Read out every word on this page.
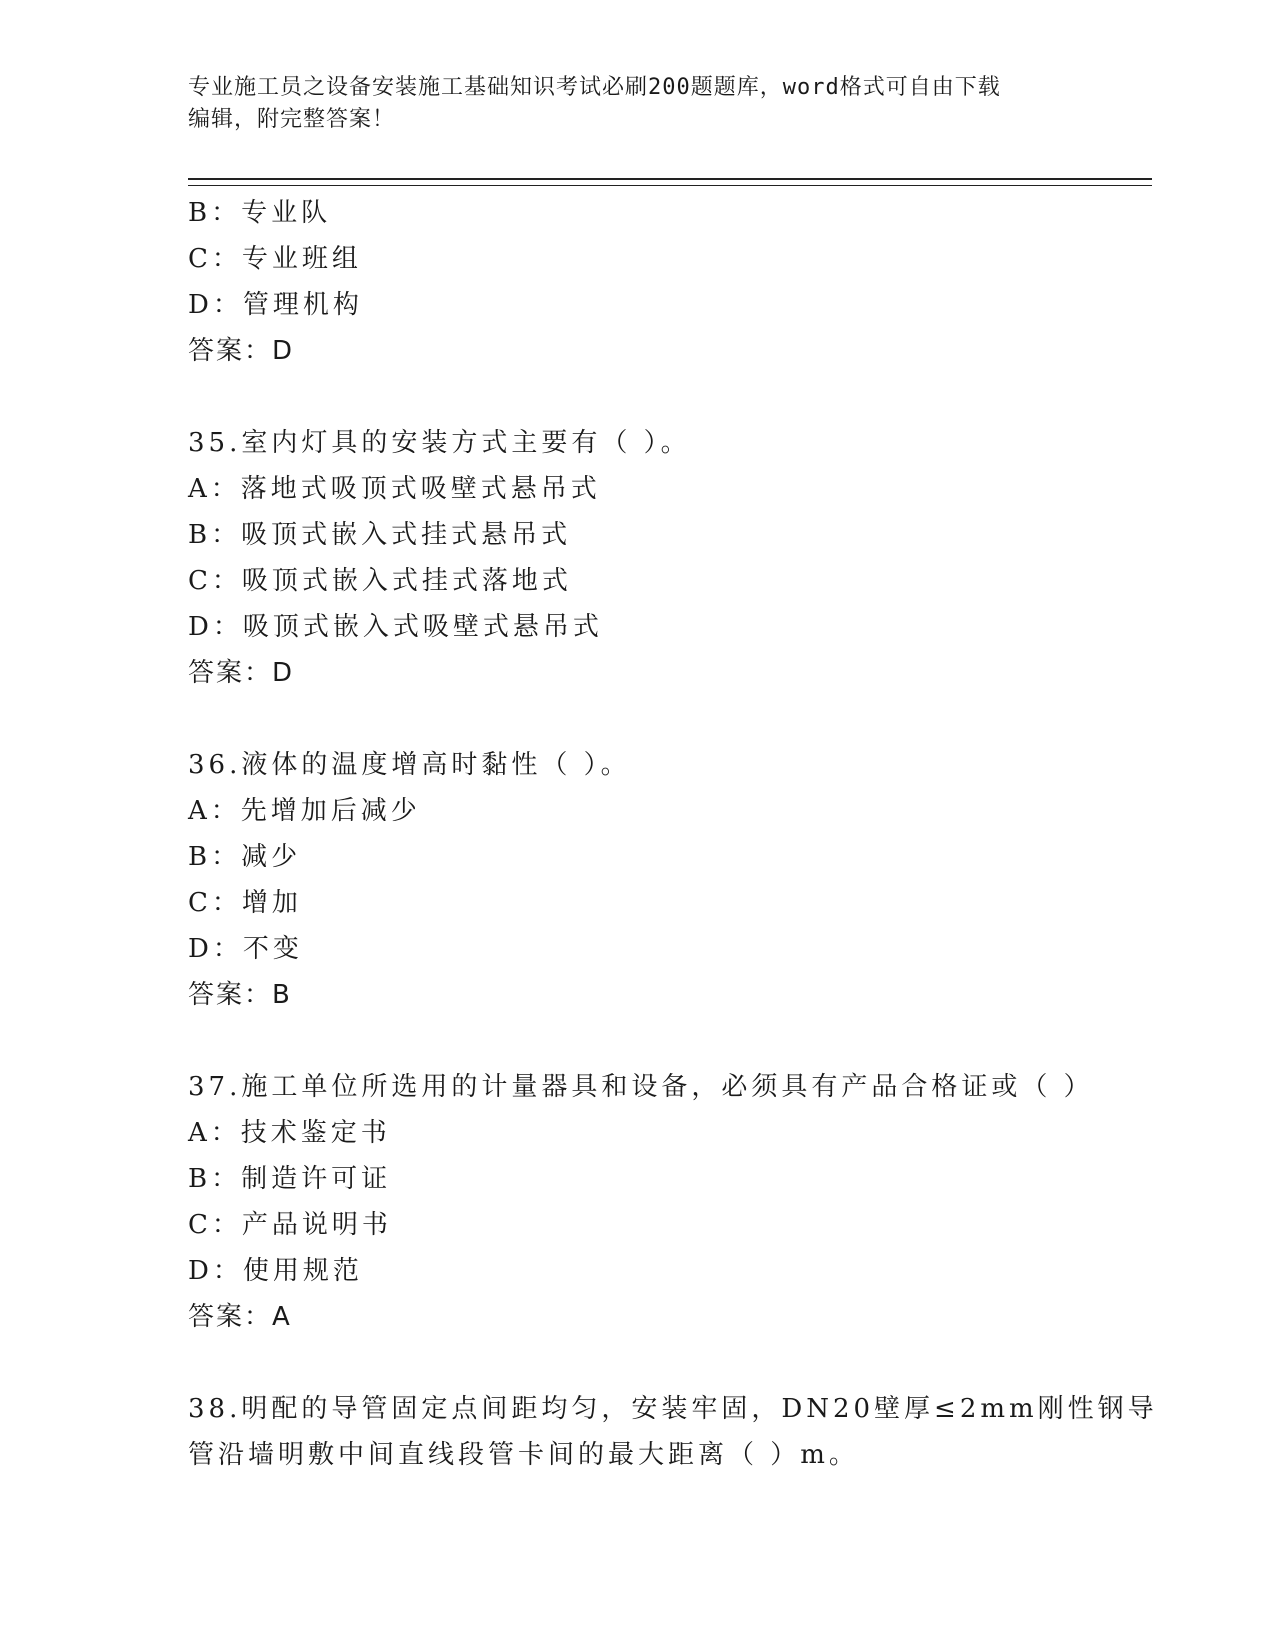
专业施工员之设备安装施工基础知识考试必刷200题题库，word格式可自由下载
编辑，附完整答案！
B：专业队
C：专业班组
D：管理机构
答案：D
35.室内灯具的安装方式主要有（ ）。
A：落地式吸顶式吸壁式悬吊式
B：吸顶式嵌入式挂式悬吊式
C：吸顶式嵌入式挂式落地式
D：吸顶式嵌入式吸壁式悬吊式
答案：D
36.液体的温度增高时黏性（ ）。
A：先增加后减少
B：减少
C：增加
D：不变
答案：B
37.施工单位所选用的计量器具和设备，必须具有产品合格证或（ ）
A：技术鉴定书
B：制造许可证
C：产品说明书
D：使用规范
答案：A
38.明配的导管固定点间距均匀，安装牢固，DN20壁厚≤2mm刚性钢导
管沿墙明敷中间直线段管卡间的最大距离（ ）m。
